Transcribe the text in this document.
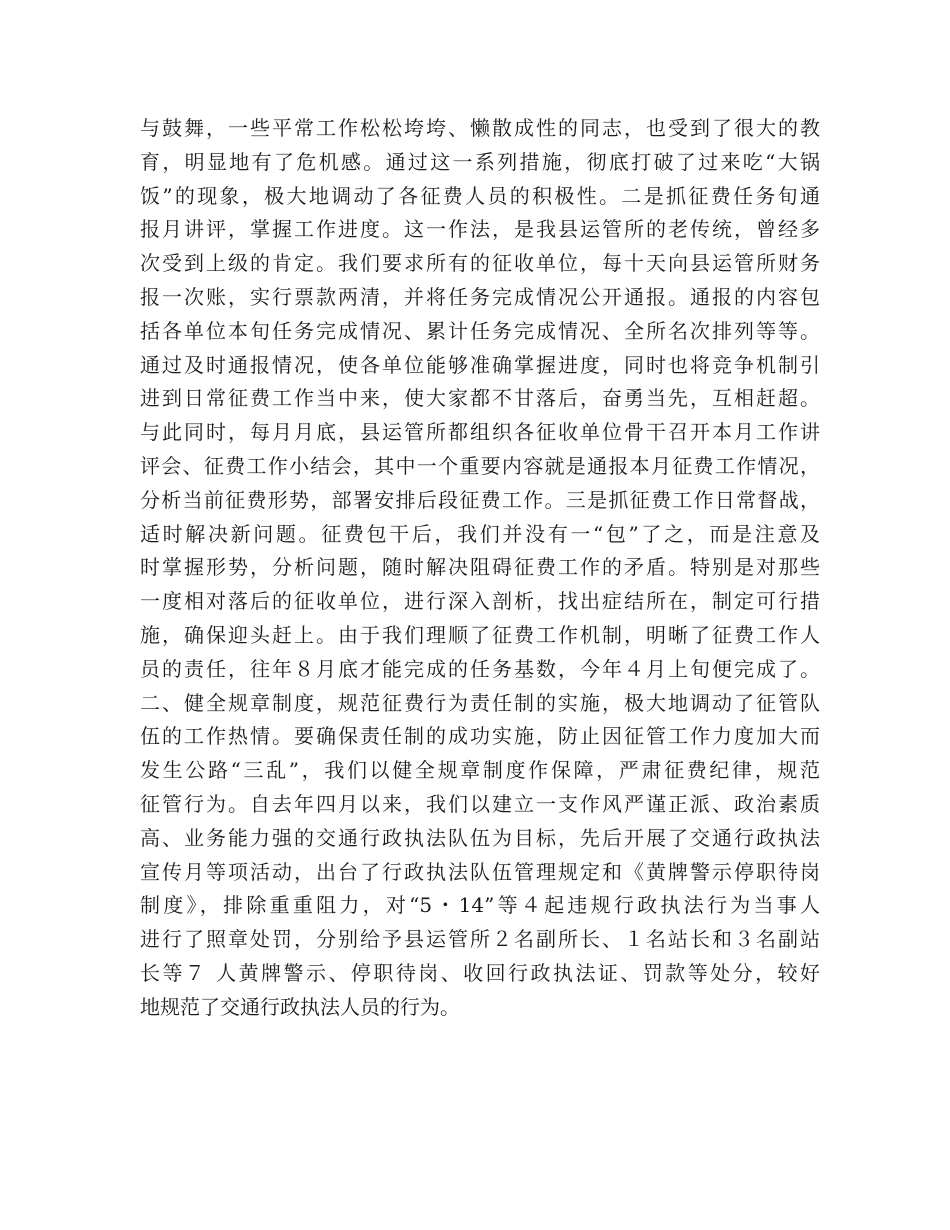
与鼓舞，一些平常工作松松垮垮、懒散成性的同志，也受到了很大的教
育，明显地有了危机感。通过这一系列措施，彻底打破了过来吃“大锅
饭”的现象，极大地调动了各征费人员的积极性。二是抓征费任务旬通
报月讲评，掌握工作进度。这一作法，是我县运管所的老传统，曾经多
次受到上级的肯定。我们要求所有的征收单位，每十天向县运管所财务
报一次账，实行票款两清，并将任务完成情况公开通报。通报的内容包
括各单位本旬任务完成情况、累计任务完成情况、全所名次排列等等。
通过及时通报情况，使各单位能够准确掌握进度，同时也将竞争机制引
进到日常征费工作当中来，使大家都不甘落后，奋勇当先，互相赶超。
与此同时，每月月底，县运管所都组织各征收单位骨干召开本月工作讲
评会、征费工作小结会，其中一个重要内容就是通报本月征费工作情况，
分析当前征费形势，部署安排后段征费工作。三是抓征费工作日常督战，
适时解决新问题。征费包干后，我们并没有一“包”了之，而是注意及
时掌握形势，分析问题，随时解决阻碍征费工作的矛盾。特别是对那些
一度相对落后的征收单位，进行深入剖析，找出症结所在，制定可行措
施，确保迎头赶上。由于我们理顺了征费工作机制，明晰了征费工作人
员的责任，往年８月底才能完成的任务基数，今年４月上旬便完成了。
二、健全规章制度，规范征费行为责任制的实施，极大地调动了征管队
伍的工作热情。要确保责任制的成功实施，防止因征管工作力度加大而
发生公路“三乱”，我们以健全规章制度作保障，严肃征费纪律，规范
征管行为。自去年四月以来，我们以建立一支作风严谨正派、政治素质
高、业务能力强的交通行政执法队伍为目标，先后开展了交通行政执法
宣传月等项活动，出台了行政执法队伍管理规定和《黄牌警示停职待岗
制度》，排除重重阻力，对“5・14”等４起违规行政执法行为当事人
进行了照章处罚，分别给予县运管所２名副所长、１名站长和３名副站
长等７ 人黄牌警示、停职待岗、收回行政执法证、罚款等处分，较好
地规范了交通行政执法人员的行为。
